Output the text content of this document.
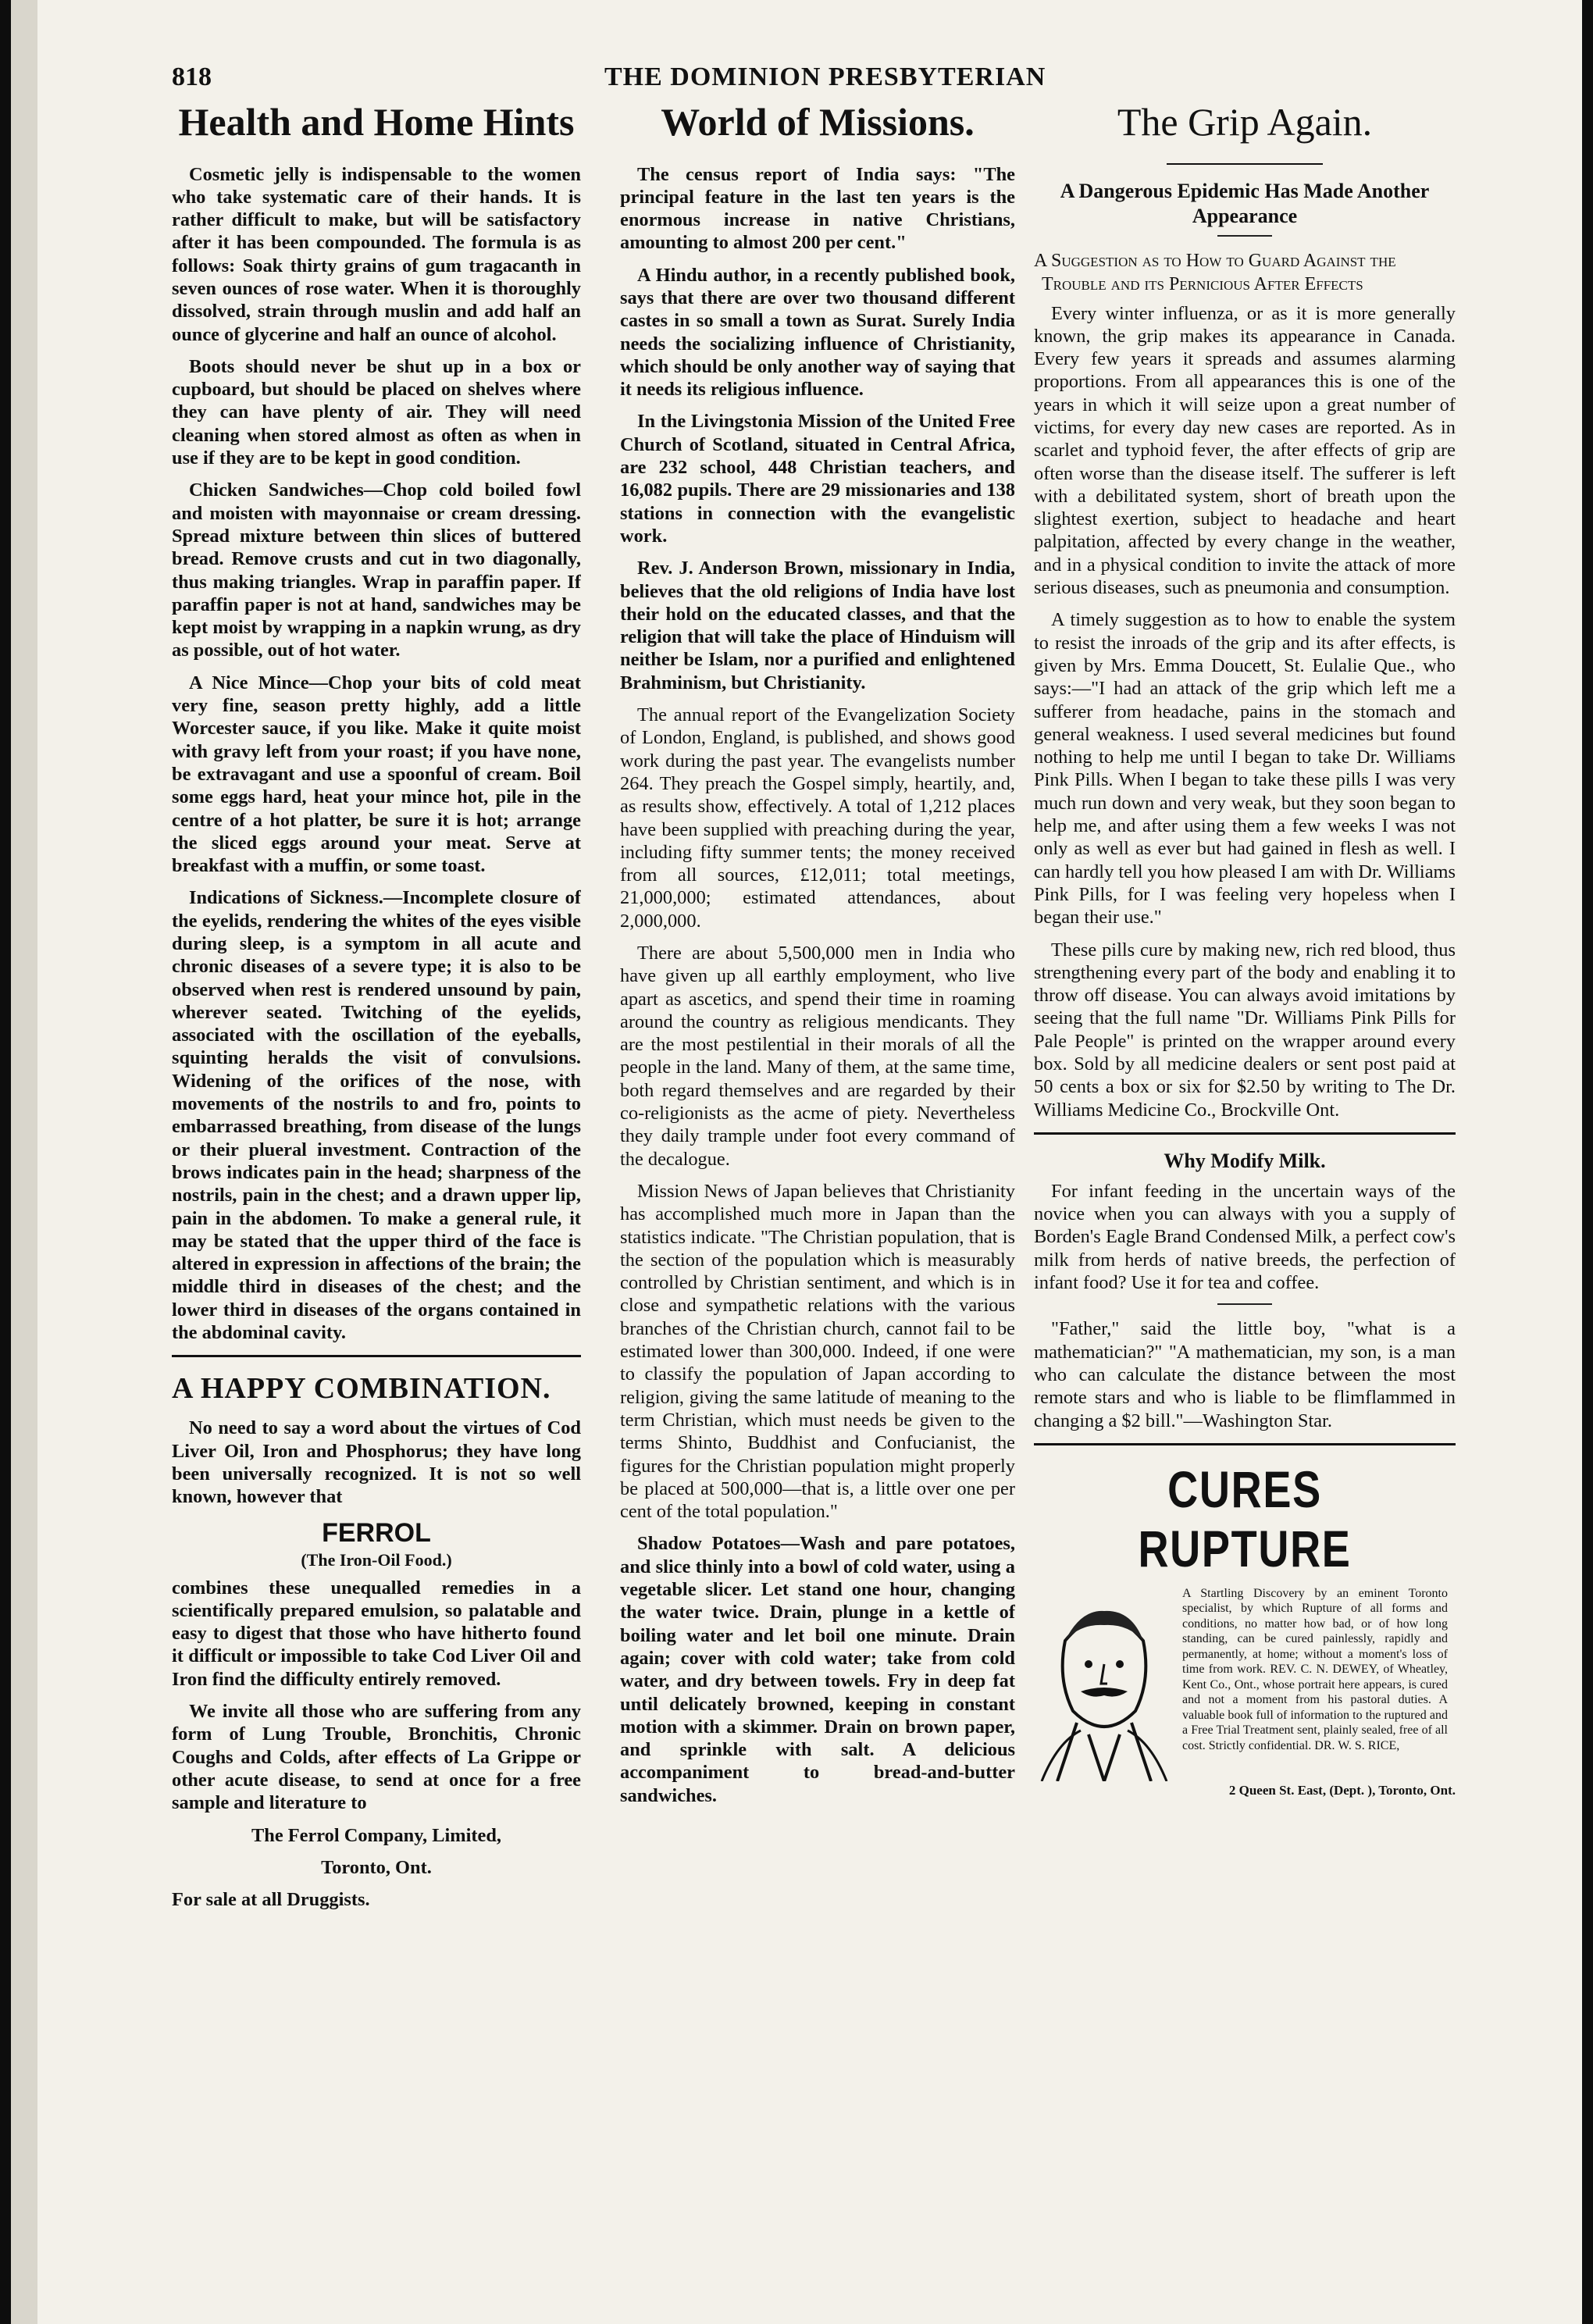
818	THE DOMINION PRESBYTERIAN
Health and Home Hints

Cosmetic jelly is indispensable to the women who take systematic care of their hands. It is rather difficult to make, but will be satisfactory after it has been compounded. The formula is as follows: Soak thirty grains of gum tragacanth in seven ounces of rose water. When it is thoroughly dissolved, strain through muslin and add half an ounce of glycerine and half an ounce of alcohol.

Boots should never be shut up in a box or cupboard, but should be placed on shelves where they can have plenty of air. They will need cleaning when stored almost as often as when in use if they are to be kept in good condition.

Chicken Sandwiches—Chop cold boiled fowl and moisten with mayonnaise or cream dressing. Spread mixture between thin slices of buttered bread. Remove crusts and cut in two diagonally, thus making triangles. Wrap in paraffin paper. If paraffin paper is not at hand, sandwiches may be kept moist by wrapping in a napkin wrung, as dry as possible, out of hot water.

A Nice Mince—Chop your bits of cold meat very fine, season pretty highly, add a little Worcester sauce, if you like. Make it quite moist with gravy left from your roast; if you have none, be extravagant and use a spoonful of cream. Boil some eggs hard, heat your mince hot, pile in the centre of a hot platter, be sure it is hot; arrange the sliced eggs around your meat. Serve at breakfast with a muffin, or some toast.

Indications of Sickness.—Incomplete closure of the eyelids, rendering the whites of the eyes visible during sleep, is a symptom in all acute and chronic diseases of a severe type; it is also to be observed when rest is rendered unsound by pain, wherever seated. Twitching of the eyelids, associated with the oscillation of the eyeballs, squinting heralds the visit of convulsions. Widening of the orifices of the nose, with movements of the nostrils to and fro, points to embarrassed breathing, from disease of the lungs or their plueral investment. Contraction of the brows indicates pain in the head; sharpness of the nostrils, pain in the chest; and a drawn upper lip, pain in the abdomen. To make a general rule, it may be stated that the upper third of the face is altered in expression in affections of the brain; the middle third in diseases of the chest; and the lower third in diseases of the organs contained in the abdominal cavity.

A HAPPY COMBINATION.

No need to say a word about the virtues of Cod Liver Oil, Iron and Phosphorus; they have long been universally recognized. It is not so well known, however that

FERROL
(The Iron-Oil Food.)

combines these unequalled remedies in a scientifically prepared emulsion, so palatable and easy to digest that those who have hitherto found it difficult or impossible to take Cod Liver Oil and Iron find the difficulty entirely removed.

We invite all those who are suffering from any form of Lung Trouble, Bronchitis, Chronic Coughs and Colds, after effects of La Grippe or other acute disease, to send at once for a free sample and literature to

The Ferrol Company, Limited,

Toronto, Ont.

For sale at all Druggists.

World of Missions.

The census report of India says: "The principal feature in the last ten years is the enormous increase in native Christians, amounting to almost 200 per cent."

A Hindu author, in a recently published book, says that there are over two thousand different castes in so small a town as Surat. Surely India needs the socializing influence of Christianity, which should be only another way of saying that it needs its religious influence.

In the Livingstonia Mission of the United Free Church of Scotland, situated in Central Africa, are 232 school, 448 Christian teachers, and 16,082 pupils. There are 29 missionaries and 138 stations in connection with the evangelistic work.

Rev. J. Anderson Brown, missionary in India, believes that the old religions of India have lost their hold on the educated classes, and that the religion that will take the place of Hinduism will neither be Islam, nor a purified and enlightened Brahminism, but Christianity.

The annual report of the Evangelization Society of London, England, is published, and shows good work during the past year. The evangelists number 264. They preach the Gospel simply, heartily, and, as results show, effectively. A total of 1,212 places have been supplied with preaching during the year, including fifty summer tents; the money received from all sources, £12,011; total meetings, 21,000,000; estimated attendances, about 2,000,000.

There are about 5,500,000 men in India who have given up all earthly employment, who live apart as ascetics, and spend their time in roaming around the country as religious mendicants. They are the most pestilential in their morals of all the people in the land. Many of them, at the same time, both regard themselves and are regarded by their co-religionists as the acme of piety. Nevertheless they daily trample under foot every command of the decalogue.

Mission News of Japan believes that Christianity has accomplished much more in Japan than the statistics indicate. "The Christian population, that is the section of the population which is measurably controlled by Christian sentiment, and which is in close and sympathetic relations with the various branches of the Christian church, cannot fail to be estimated lower than 300,000. Indeed, if one were to classify the population of Japan according to religion, giving the same latitude of meaning to the term Christian, which must needs be given to the terms Shinto, Buddhist and Confucianist, the figures for the Christian population might properly be placed at 500,000—that is, a little over one per cent of the total population."

Shadow Potatoes—Wash and pare potatoes, and slice thinly into a bowl of cold water, using a vegetable slicer. Let stand one hour, changing the water twice. Drain, plunge in a kettle of boiling water and let boil one minute. Drain again; cover with cold water; take from cold water, and dry between towels. Fry in deep fat until delicately browned, keeping in constant motion with a skimmer. Drain on brown paper, and sprinkle with salt. A delicious accompaniment to bread-and-butter sandwiches.

The Grip Again.
A Dangerous Epidemic Has Made Another Appearance
A Suggestion as to How to Guard Against the Trouble and its Pernicious After Effects

Every winter influenza, or as it is more generally known, the grip makes its appearance in Canada. Every few years it spreads and assumes alarming proportions. From all appearances this is one of the years in which it will seize upon a great number of victims, for every day new cases are reported. As in scarlet and typhoid fever, the after effects of grip are often worse than the disease itself. The sufferer is left with a debilitated system, short of breath upon the slightest exertion, subject to headache and heart palpitation, affected by every change in the weather, and in a physical condition to invite the attack of more serious diseases, such as pneumonia and consumption.

A timely suggestion as to how to enable the system to resist the inroads of the grip and its after effects, is given by Mrs. Emma Doucett, St. Eulalie Que., who says:—"I had an attack of the grip which left me a sufferer from headache, pains in the stomach and general weakness. I used several medicines but found nothing to help me until I began to take Dr. Williams Pink Pills. When I began to take these pills I was very much run down and very weak, but they soon began to help me, and after using them a few weeks I was not only as well as ever but had gained in flesh as well. I can hardly tell you how pleased I am with Dr. Williams Pink Pills, for I was feeling very hopeless when I began their use."

These pills cure by making new, rich red blood, thus strengthening every part of the body and enabling it to throw off disease. You can always avoid imitations by seeing that the full name "Dr. Williams Pink Pills for Pale People" is printed on the wrapper around every box. Sold by all medicine dealers or sent post paid at 50 cents a box or six for $2.50 by writing to The Dr. Williams Medicine Co., Brockville Ont.

Why Modify Milk.

For infant feeding in the uncertain ways of the novice when you can always with you a supply of Borden's Eagle Brand Condensed Milk, a perfect cow's milk from herds of native breeds, the perfection of infant food? Use it for tea and coffee.

"Father," said the little boy, "what is a mathematician?" "A mathematician, my son, is a man who can calculate the distance between the most remote stars and who is liable to be flimflammed in changing a $2 bill."—Washington Star.

CURES RUPTURE
A Startling Discovery by an eminent Toronto specialist, by which Rupture of all forms and conditions, no matter how bad, or of how long standing, can be cured painlessly, rapidly and permanently, at home; without a moment's loss of time from work. REV. C. N. DEWEY, of Wheatley, Kent Co., Ont., whose portrait here appears, is cured and not a moment from his pastoral duties. A valuable book full of information to the ruptured and a Free Trial Treatment sent, plainly sealed, free of all cost. Strictly confidential. DR. W. S. RICE,
2 Queen St. East, (Dept. ), Toronto, Ont.
